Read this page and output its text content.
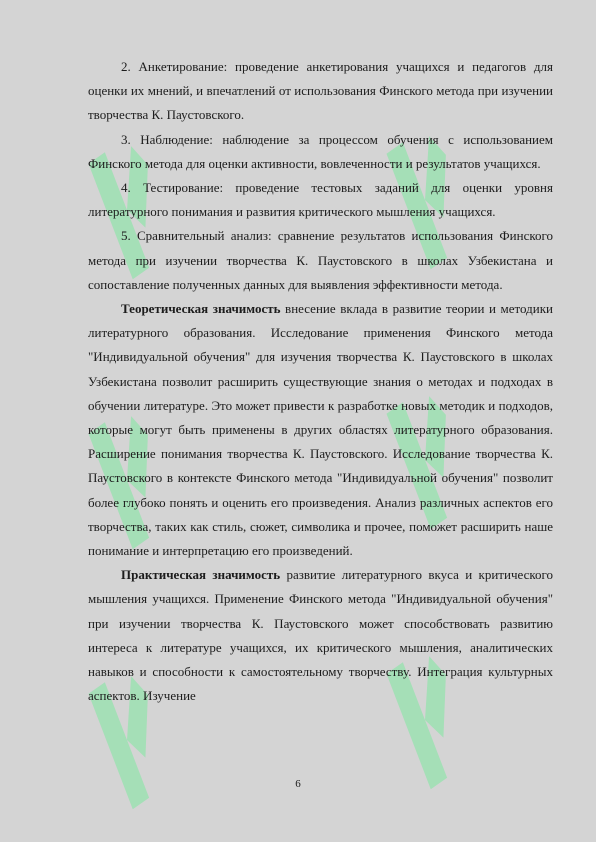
2. Анкетирование: проведение анкетирования учащихся и педагогов для оценки их мнений, и впечатлений от использования Финского метода при изучении творчества К. Паустовского.

3. Наблюдение: наблюдение за процессом обучения с использованием Финского метода для оценки активности, вовлеченности и результатов учащихся.

4. Тестирование: проведение тестовых заданий для оценки уровня литературного понимания и развития критического мышления учащихся.

5. Сравнительный анализ: сравнение результатов использования Финского метода при изучении творчества К. Паустовского в школах Узбекистана и сопоставление полученных данных для выявления эффективности метода.

Теоретическая значимость внесение вклада в развитие теории и методики литературного образования. Исследование применения Финского метода "Индивидуальной обучения" для изучения творчества К. Паустовского в школах Узбекистана позволит расширить существующие знания о методах и подходах в обучении литературе. Это может привести к разработке новых методик и подходов, которые могут быть применены в других областях литературного образования. Расширение понимания творчества К. Паустовского. Исследование творчества К. Паустовского в контексте Финского метода "Индивидуальной обучения" позволит более глубоко понять и оценить его произведения. Анализ различных аспектов его творчества, таких как стиль, сюжет, символика и прочее, поможет расширить наше понимание и интерпретацию его произведений.

Практическая значимость развитие литературного вкуса и критического мышления учащихся. Применение Финского метода "Индивидуальной обучения" при изучении творчества К. Паустовского может способствовать развитию интереса к литературе учащихся, их критического мышления, аналитических навыков и способности к самостоятельному творчеству. Интеграция культурных аспектов. Изучение

6
